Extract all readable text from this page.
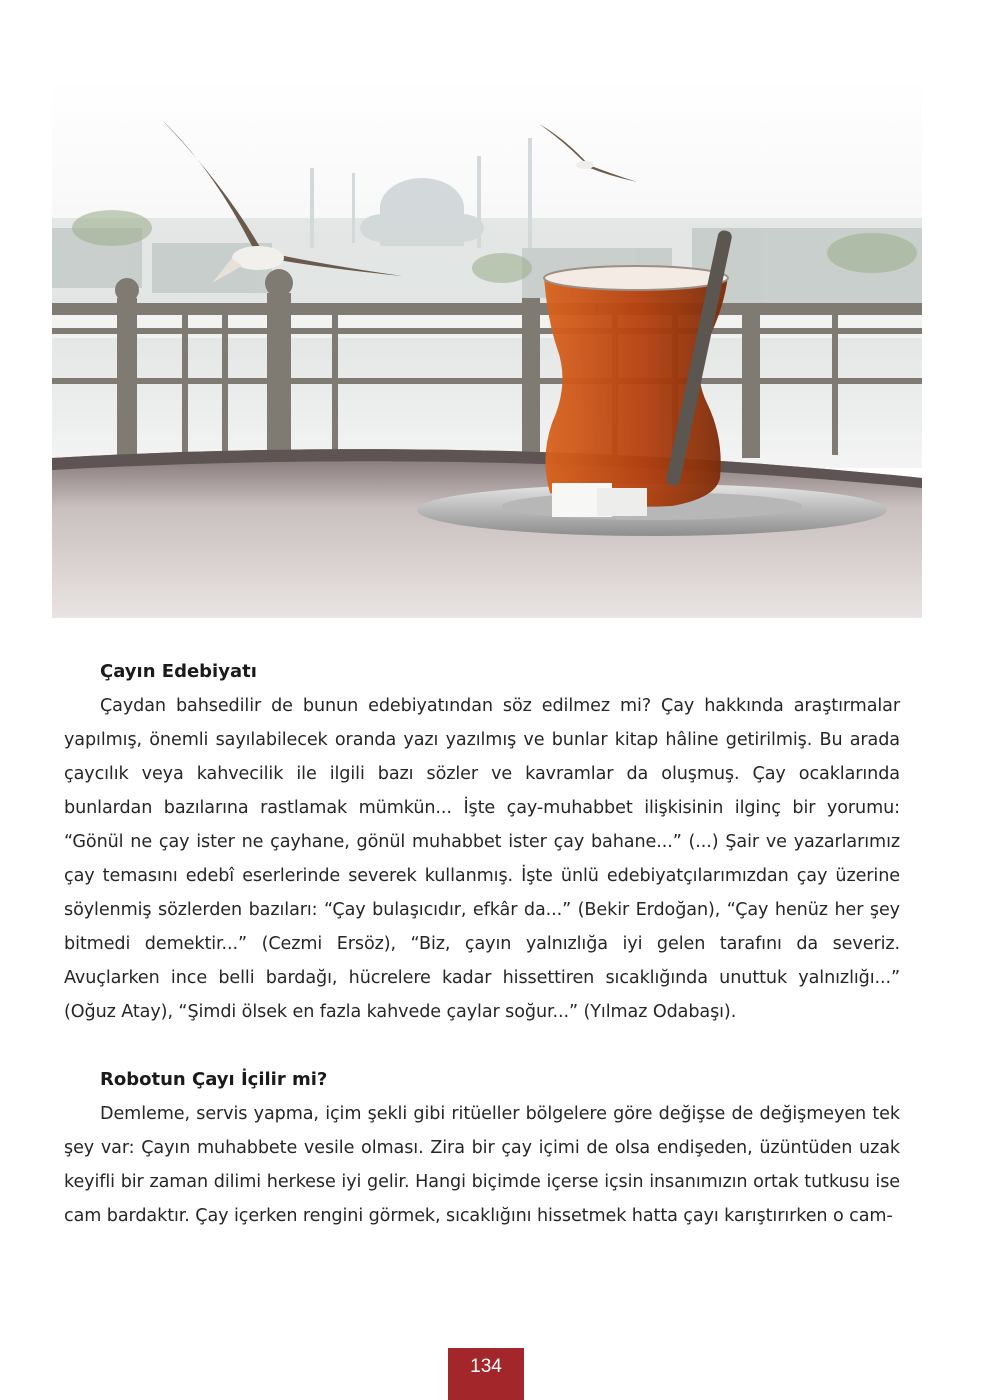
Çayın Edebiyatı

Çaydan bahsedilir de bunun edebiyatından söz edilmez mi? Çay hakkında araştırmalar yapılmış, önemli sayılabilecek oranda yazı yazılmış ve bunlar kitap hâline getirilmiş. Bu arada çaycılık veya kahvecilik ile ilgili bazı sözler ve kavramlar da oluşmuş. Çay ocaklarında bunlardan bazılarına rastlamak mümkün... İşte çay-muhabbet ilişkisinin ilginç bir yorumu: “Gönül ne çay ister ne çayhane, gönül muhabbet ister çay bahane...” (...) Şair ve yazarlarımız çay temasını edebî eserlerinde severek kullanmış. İşte ünlü edebiyatçılarımızdan çay üzerine söylenmiş sözlerden bazıları: “Çay bulaşıcıdır, efkâr da...” (Bekir Erdoğan), “Çay henüz her şey bitmedi demektir...” (Cezmi Ersöz), “Biz, çayın yalnızlığa iyi gelen tarafını da severiz. Avuçlarken ince belli bardağı, hücrelere kadar hissettiren sıcaklığında unuttuk yalnızlığı...” (Oğuz Atay), “Şimdi ölsek en fazla kahvede çaylar soğur...” (Yılmaz Odabaşı).

Robotun Çayı İçilir mi?

Demleme, servis yapma, içim şekli gibi ritüeller bölgelere göre değişse de değişmeyen tek şey var: Çayın muhabbete vesile olması. Zira bir çay içimi de olsa endişeden, üzüntüden uzak keyifli bir zaman dilimi herkese iyi gelir. Hangi biçimde içerse içsin insanımızın ortak tutkusu ise cam bardaktır. Çay içerken rengini görmek, sıcaklığını hissetmek hatta çayı karıştırırken o cam-

134
